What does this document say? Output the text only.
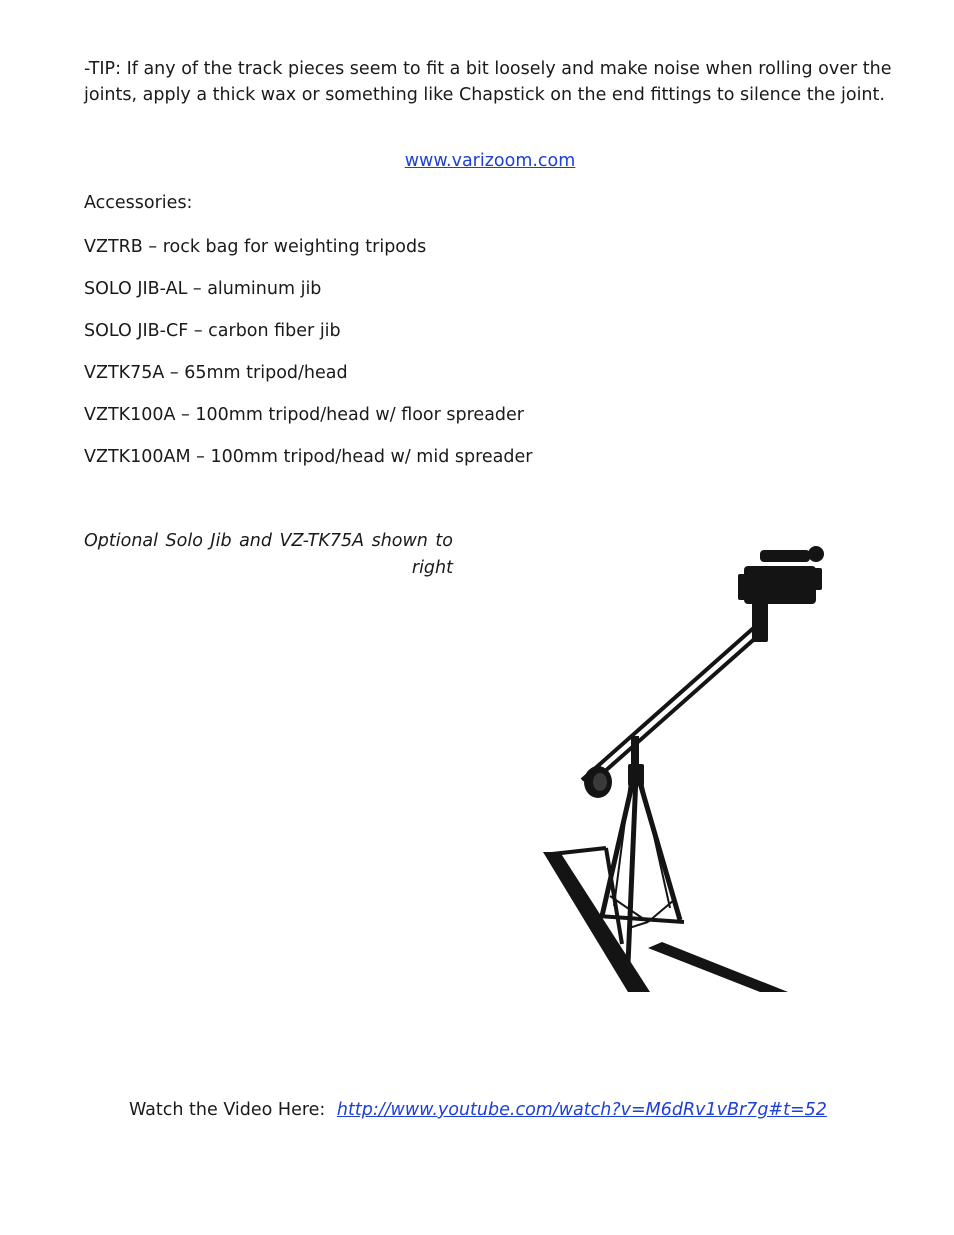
-TIP: If any of the track pieces seem to fit a bit loosely and make noise when rolling over the joints, apply a thick wax or something like Chapstick on the end fittings to silence the joint.

www.varizoom.com

Accessories:

VZTRB – rock bag for weighting tripods
SOLO JIB-AL – aluminum jib
SOLO JIB-CF – carbon fiber jib
VZTK75A – 65mm tripod/head
VZTK100A – 100mm tripod/head w/ floor spreader
VZTK100AM – 100mm tripod/head w/ mid spreader

Optional Solo Jib and VZ-TK75A shown to right

Watch the Video Here: http://www.youtube.com/watch?v=M6dRv1vBr7g#t=52
